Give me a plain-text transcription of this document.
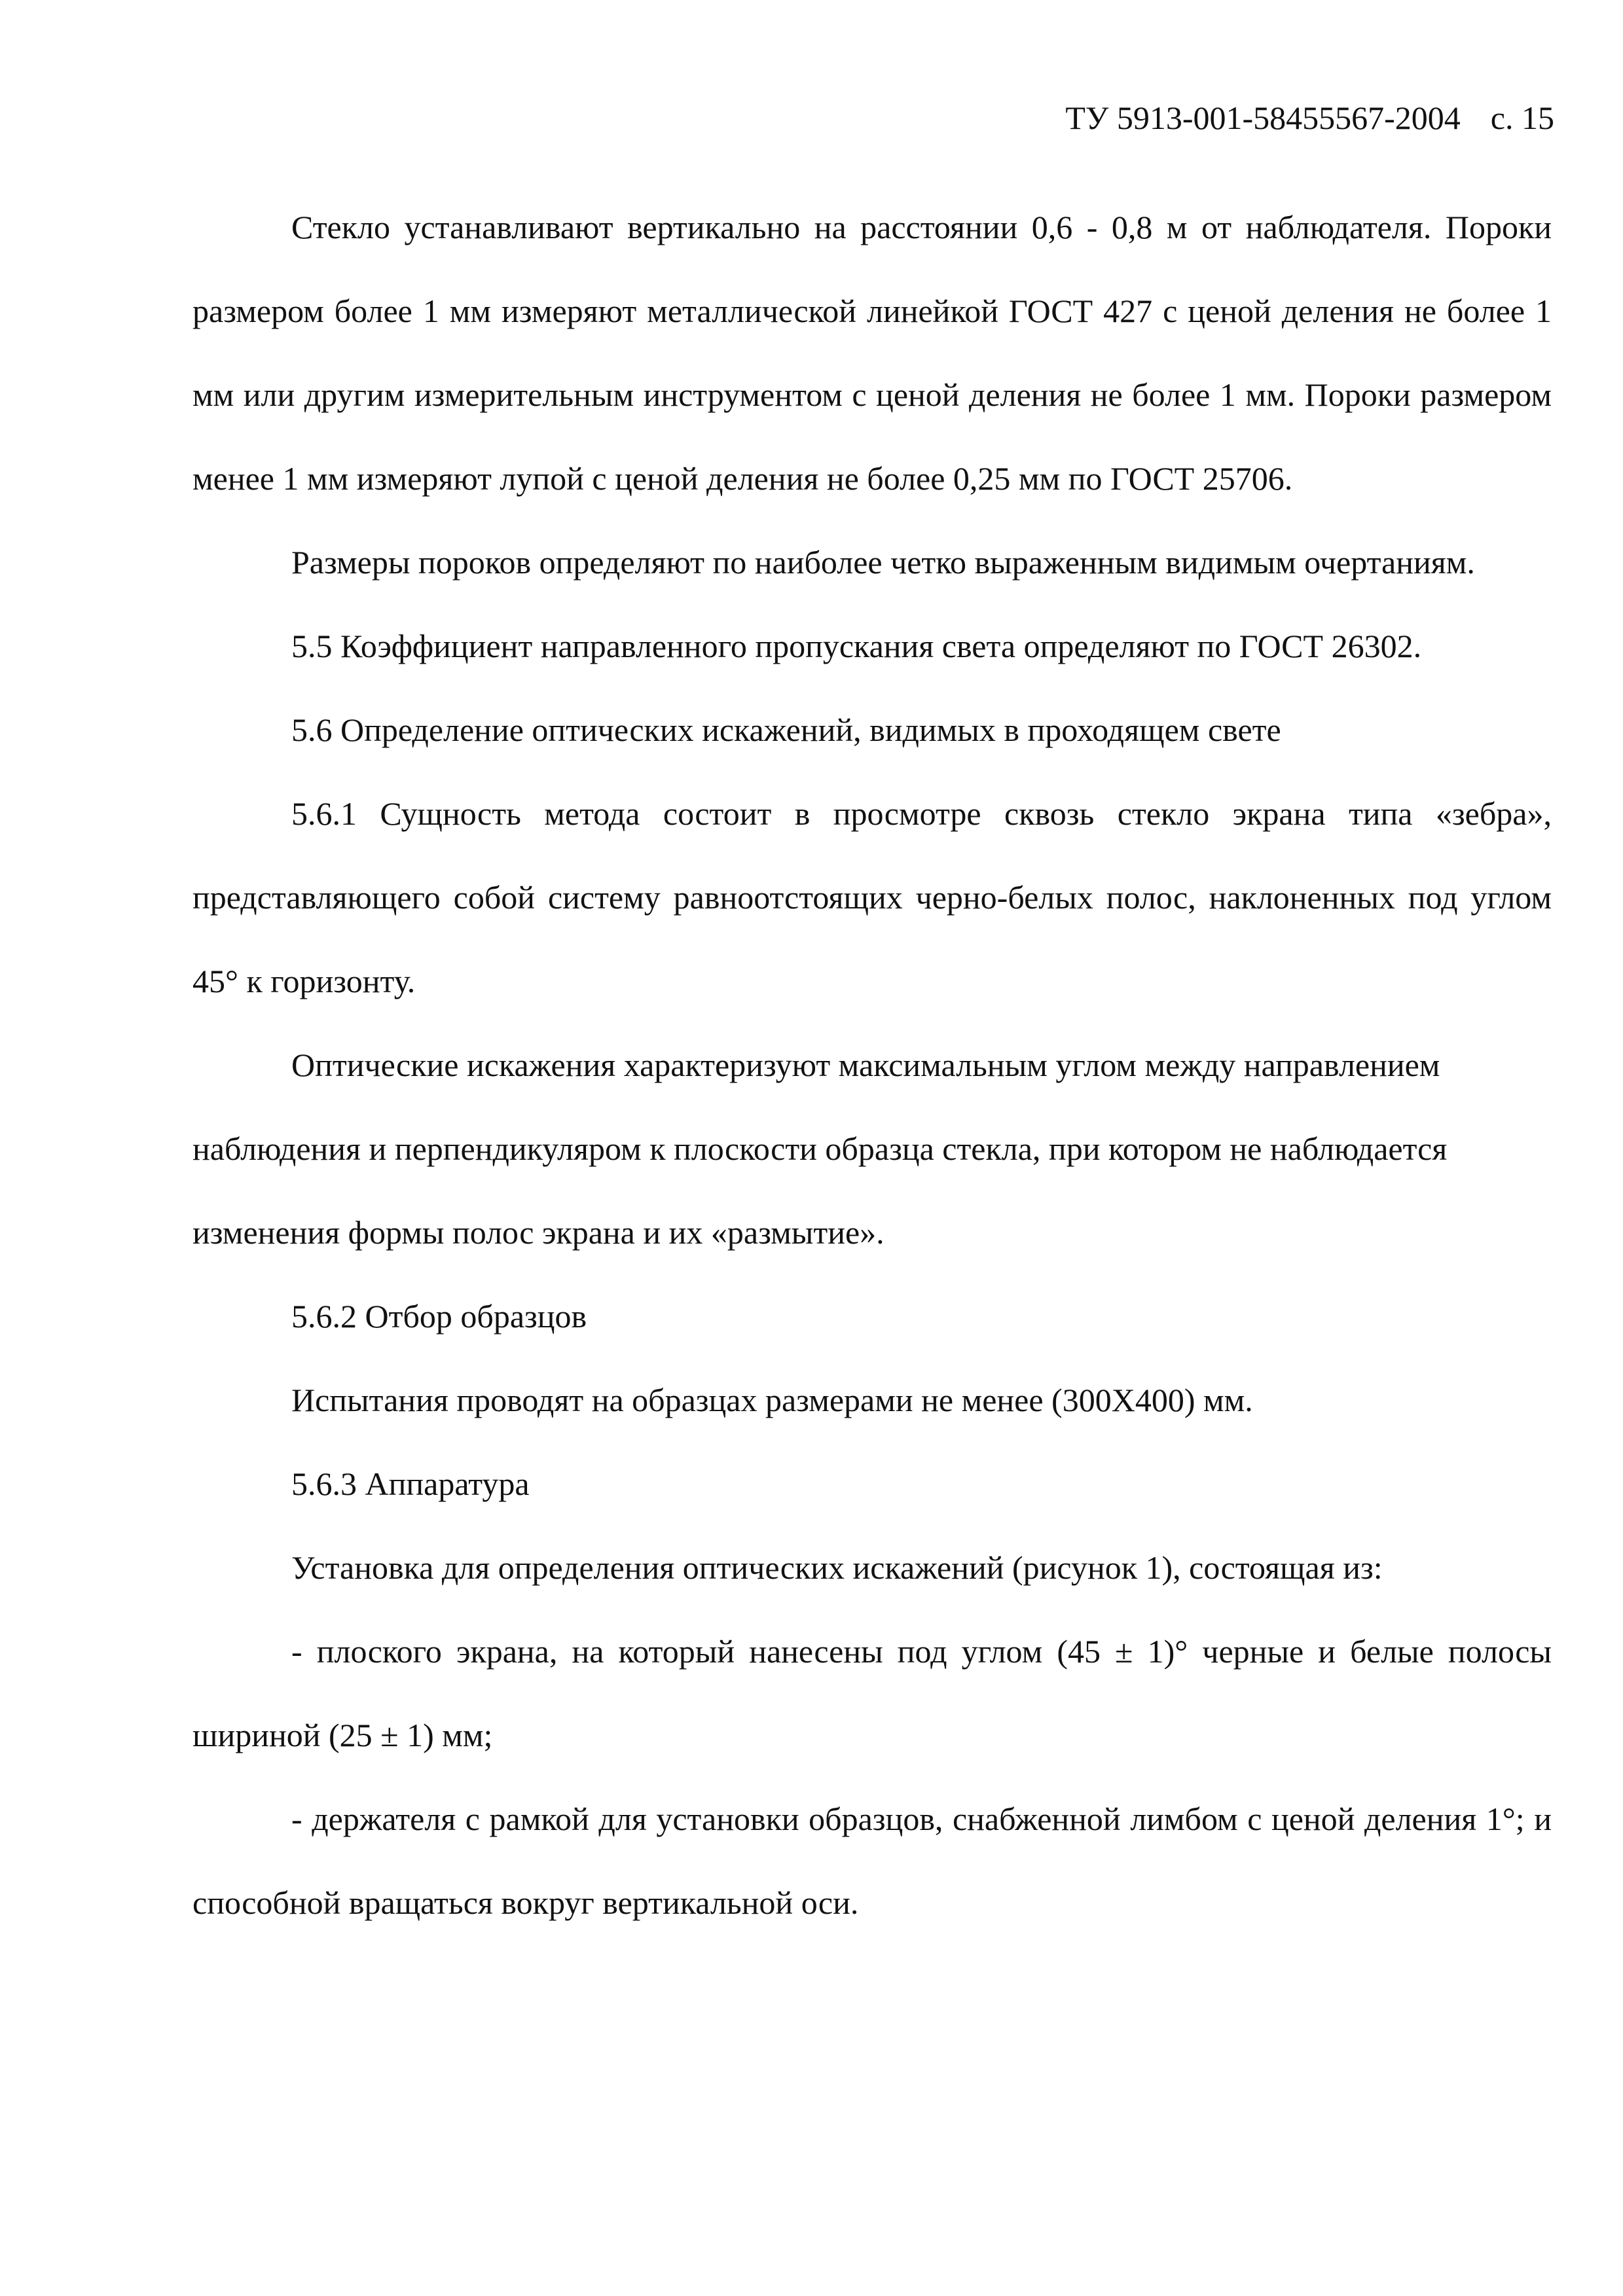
ТУ 5913-001-58455567-2004 с. 15

Стекло устанавливают вертикально на расстоянии 0,6 - 0,8 м от наблюдателя. Пороки размером более 1 мм измеряют металлической линейкой ГОСТ 427 с ценой деления не более 1 мм или другим измерительным инструментом с ценой деления не более 1 мм. Пороки размером менее 1 мм измеряют лупой с ценой деления не более 0,25 мм по ГОСТ 25706.

Размеры пороков определяют по наиболее четко выраженным видимым очертаниям.

5.5 Коэффициент направленного пропускания света определяют по ГОСТ 26302.

5.6 Определение оптических искажений, видимых в проходящем свете

5.6.1 Сущность метода состоит в просмотре сквозь стекло экрана типа «зебра», представляющего собой систему равноотстоящих черно-белых полос, наклоненных под углом 45° к горизонту.

Оптические искажения характеризуют максимальным углом между направлением наблюдения и перпендикуляром к плоскости образца стекла, при котором не наблюдается изменения формы полос экрана и их «размытие».

5.6.2 Отбор образцов

Испытания проводят на образцах размерами не менее (300Х400) мм.

5.6.3 Аппаратура

Установка для определения оптических искажений (рисунок 1), состоящая из:

- плоского экрана, на который нанесены под углом (45 ± 1)° черные и белые полосы шириной (25 ± 1) мм;

- держателя с рамкой для установки образцов, снабженной лимбом с ценой деления 1°; и способной вращаться вокруг вертикальной оси.
